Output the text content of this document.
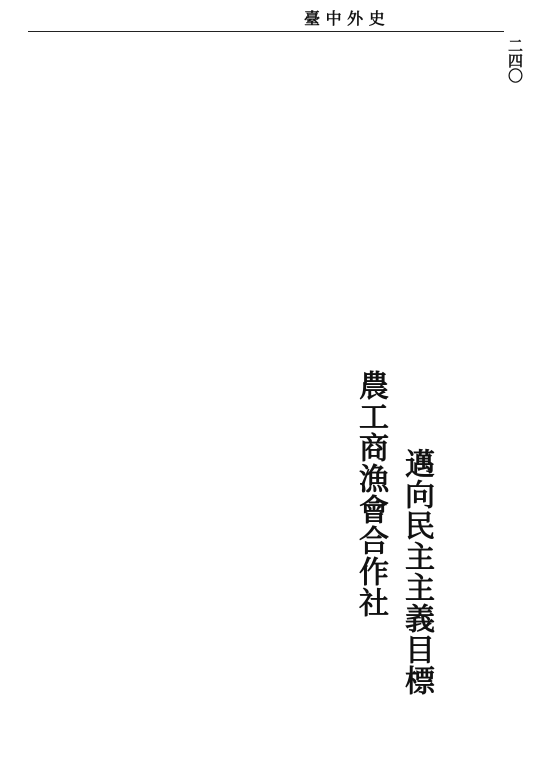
臺 中 外 史
二四〇
農工商漁會合作社 邁向民主主義目標
